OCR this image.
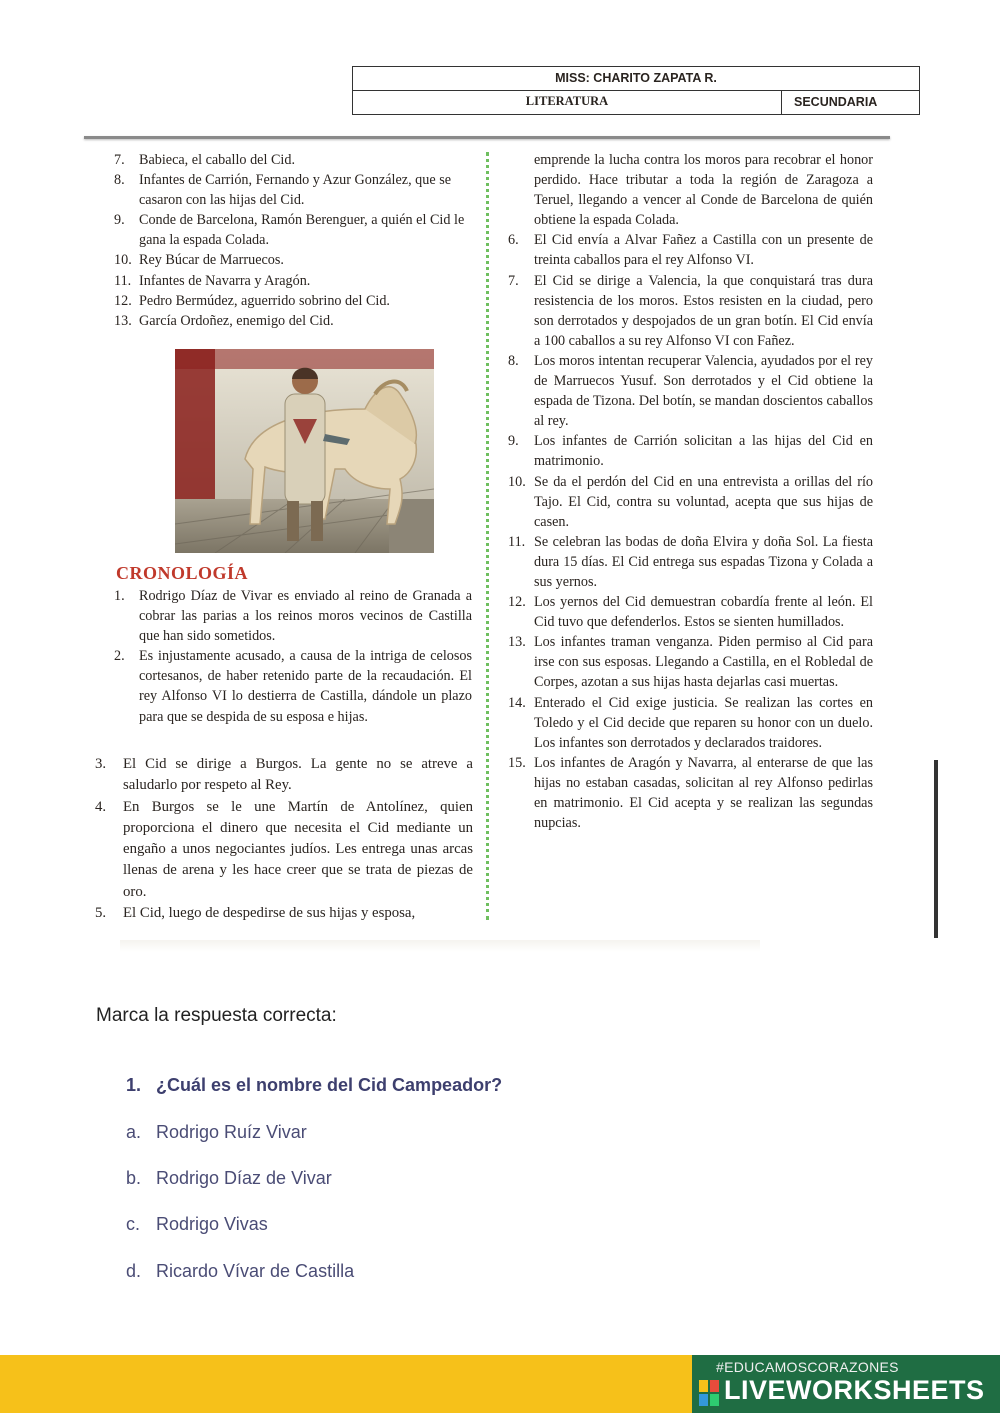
MISS: CHARITO ZAPATA R.
LITERATURA	SECUNDARIA
7. Babieca, el caballo del Cid.
8. Infantes de Carrión, Fernando y Azur González, que se casaron con las hijas del Cid.
9. Conde de Barcelona, Ramón Berenguer, a quién el Cid le gana la espada Colada.
10. Rey Búcar de Marruecos.
11. Infantes de Navarra y Aragón.
12. Pedro Bermúdez, aguerrido sobrino del Cid.
13. García Ordoñez, enemigo del Cid.
CRONOLOGÍA
1. Rodrigo Díaz de Vivar es enviado al reino de Granada a cobrar las parias a los reinos moros vecinos de Castilla que han sido sometidos.
2. Es injustamente acusado, a causa de la intriga de celosos cortesanos, de haber retenido parte de la recaudación. El rey Alfonso VI lo destierra de Castilla, dándole un plazo para que se despida de su esposa e hijas.
3. El Cid se dirige a Burgos. La gente no se atreve a saludarlo por respeto al Rey.
4. En Burgos se le une Martín de Antolínez, quien proporciona el dinero que necesita el Cid mediante un engaño a unos negociantes judíos. Les entrega unas arcas llenas de arena y les hace creer que se trata de piezas de oro.
5. El Cid, luego de despedirse de sus hijas y esposa,
emprende la lucha contra los moros para recobrar el honor perdido. Hace tributar a toda la región de Zaragoza a Teruel, llegando a vencer al Conde de Barcelona de quién obtiene la espada Colada.
6. El Cid envía a Alvar Fañez a Castilla con un presente de treinta caballos para el rey Alfonso VI.
7. El Cid se dirige a Valencia, la que conquistará tras dura resistencia de los moros. Estos resisten en la ciudad, pero son derrotados y despojados de un gran botín. El Cid envía a 100 caballos a su rey Alfonso VI con Fañez.
8. Los moros intentan recuperar Valencia, ayudados por el rey de Marruecos Yusuf. Son derrotados y el Cid obtiene la espada de Tizona. Del botín, se mandan doscientos caballos al rey.
9. Los infantes de Carrión solicitan a las hijas del Cid en matrimonio.
10. Se da el perdón del Cid en una entrevista a orillas del río Tajo. El Cid, contra su voluntad, acepta que sus hijas de casen.
11. Se celebran las bodas de doña Elvira y doña Sol. La fiesta dura 15 días. El Cid entrega sus espadas Tizona y Colada a sus yernos.
12. Los yernos del Cid demuestran cobardía frente al león. El Cid tuvo que defenderlos. Estos se sienten humillados.
13. Los infantes traman venganza. Piden permiso al Cid para irse con sus esposas. Llegando a Castilla, en el Robledal de Corpes, azotan a sus hijas hasta dejarlas casi muertas.
14. Enterado el Cid exige justicia. Se realizan las cortes en Toledo y el Cid decide que reparen su honor con un duelo. Los infantes son derrotados y declarados traidores.
15. Los infantes de Aragón y Navarra, al enterarse de que las hijas no estaban casadas, solicitan al rey Alfonso pedirlas en matrimonio. El Cid acepta y se realizan las segundas nupcias.
Marca la respuesta correcta:
1. ¿Cuál es el nombre del Cid Campeador?
a. Rodrigo Ruíz Vivar
b. Rodrigo Díaz de Vivar
c. Rodrigo Vivas
d. Ricardo Vívar de Castilla
#EDUCAMOSCORAZONES
LIVEWORKSHEETS
